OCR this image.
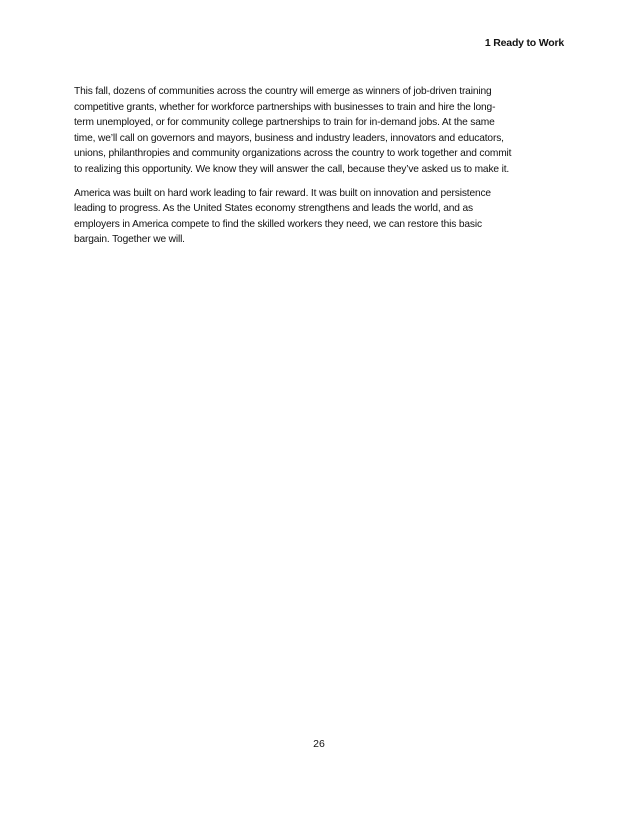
1 Ready to Work

This fall, dozens of communities across the country will emerge as winners of job-driven training
competitive grants, whether for workforce partnerships with businesses to train and hire the long-
term unemployed, or for community college partnerships to train for in-demand jobs. At the same
time, we’ll call on governors and mayors, business and industry leaders, innovators and educators,
unions, philanthropies and community organizations across the country to work together and commit
to realizing this opportunity. We know they will answer the call, because they’ve asked us to make it.

America was built on hard work leading to fair reward. It was built on innovation and persistence
leading to progress. As the United States economy strengthens and leads the world, and as
employers in America compete to find the skilled workers they need, we can restore this basic
bargain. Together we will.

26
